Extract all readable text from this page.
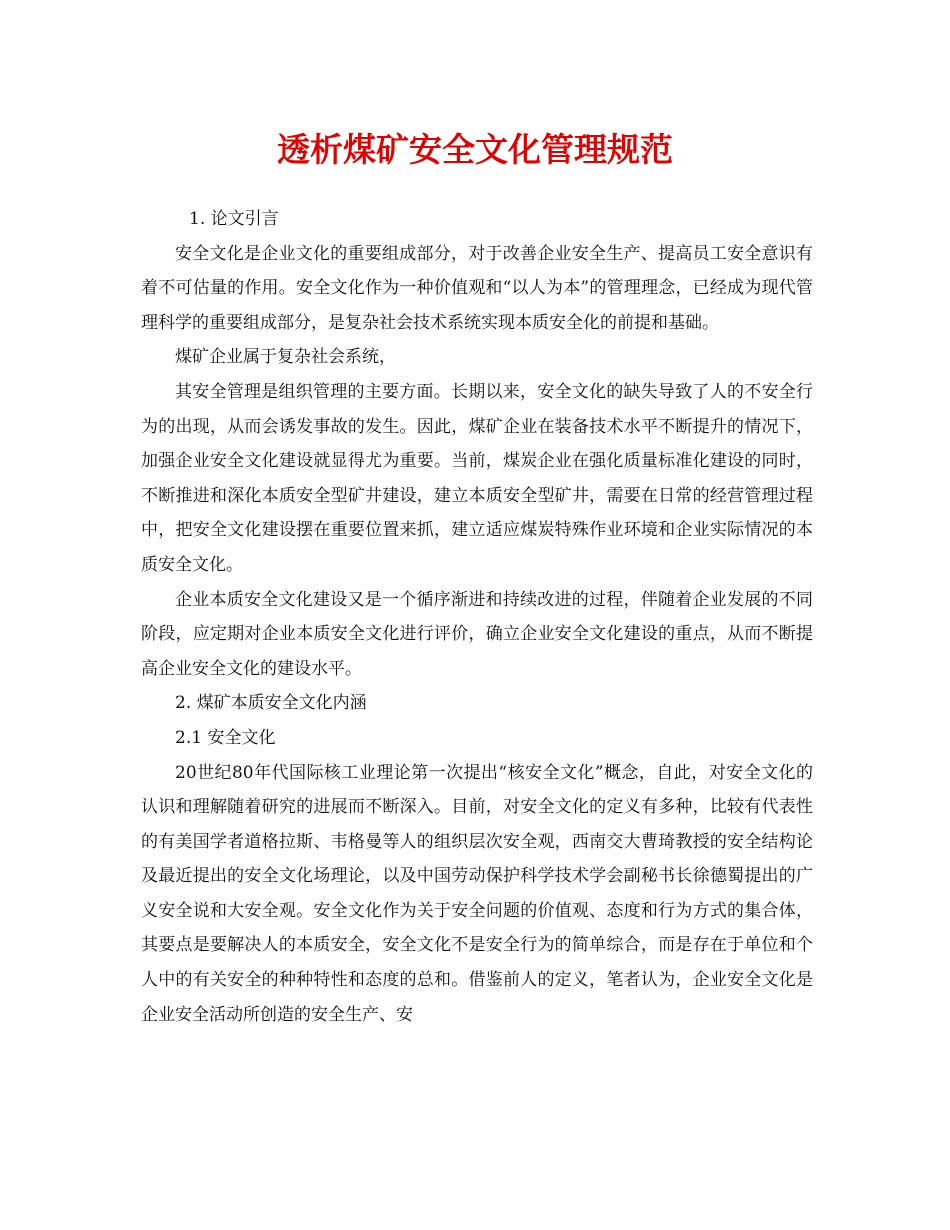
透析煤矿安全文化管理规范

1. 论文引言

安全文化是企业文化的重要组成部分，对于改善企业安全生产、提高员工安全意识有着不可估量的作用。安全文化作为一种价值观和“以人为本”的管理理念，已经成为现代管理科学的重要组成部分，是复杂社会技术系统实现本质安全化的前提和基础。

煤矿企业属于复杂社会系统，

其安全管理是组织管理的主要方面。长期以来，安全文化的缺失导致了人的不安全行为的出现，从而会诱发事故的发生。因此，煤矿企业在装备技术水平不断提升的情况下，加强企业安全文化建设就显得尤为重要。当前，煤炭企业在强化质量标准化建设的同时，不断推进和深化本质安全型矿井建设，建立本质安全型矿井，需要在日常的经营管理过程中，把安全文化建设摆在重要位置来抓，建立适应煤炭特殊作业环境和企业实际情况的本质安全文化。

企业本质安全文化建设又是一个循序渐进和持续改进的过程，伴随着企业发展的不同阶段，应定期对企业本质安全文化进行评价，确立企业安全文化建设的重点，从而不断提高企业安全文化的建设水平。

2. 煤矿本质安全文化内涵

2.1 安全文化

20世纪80年代国际核工业理论第一次提出“核安全文化”概念，自此，对安全文化的认识和理解随着研究的进展而不断深入。目前，对安全文化的定义有多种，比较有代表性的有美国学者道格拉斯、韦格曼等人的组织层次安全观，西南交大曹琦教授的安全结构论及最近提出的安全文化场理论，以及中国劳动保护科学技术学会副秘书长徐德蜀提出的广义安全说和大安全观。安全文化作为关于安全问题的价值观、态度和行为方式的集合体，其要点是要解决人的本质安全，安全文化不是安全行为的简单综合，而是存在于单位和个人中的有关安全的种种特性和态度的总和。借鉴前人的定义，笔者认为，企业安全文化是企业安全活动所创造的安全生产、安
